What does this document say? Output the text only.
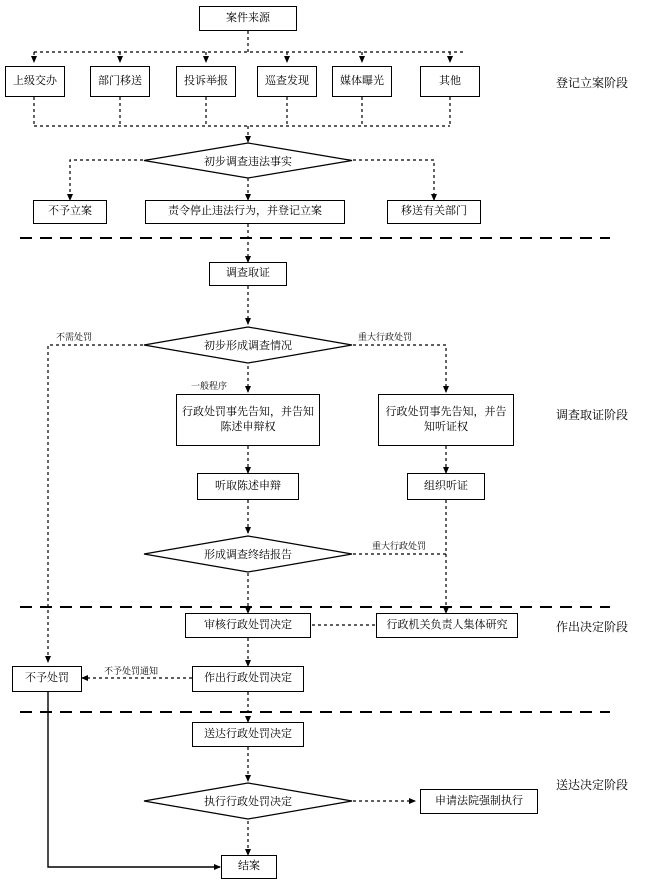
案件来源
上级交办	部门移送	投诉举报	巡查发现	媒体曝光	其他
初步调查违法事实
不予立案	责令停止违法行为，并登记立案	移送有关部门
调查取证
初步形成调查情况
行政处罚事先告知，并告知陈述申辩权
行政处罚事先告知，并告知听证权
听取陈述申辩	组织听证
形成调查终结报告
审核行政处罚决定	行政机关负责人集体研究
不予处罚	作出行政处罚决定
送达行政处罚决定
执行行政处罚决定	申请法院强制执行
结案
不需处罚	重大行政处罚
一般程序
重大行政处罚
不予处罚通知
登记立案阶段
调查取证阶段
作出决定阶段
送达决定阶段
